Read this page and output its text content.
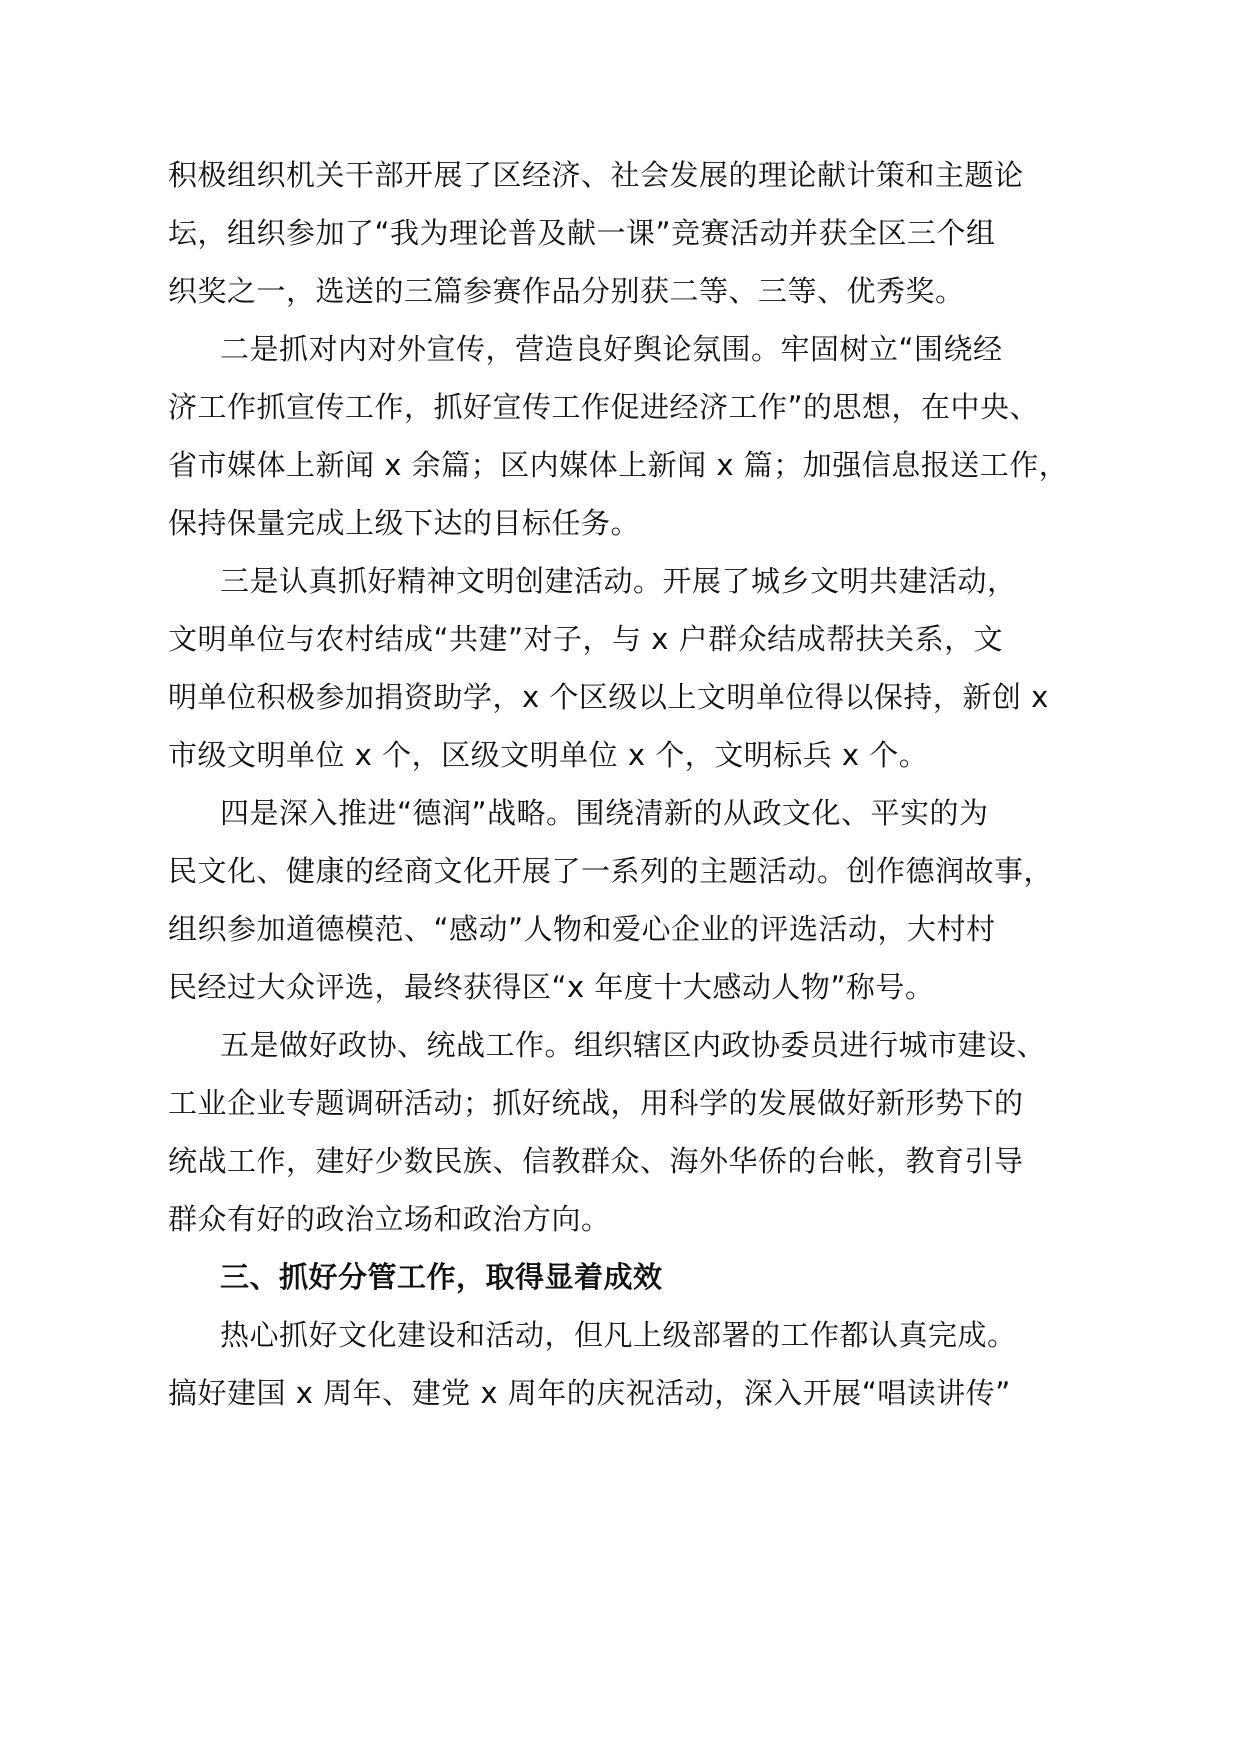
积极组织机关干部开展了区经济、社会发展的理论献计策和主题论

坛，组织参加了“我为理论普及献一课”竞赛活动并获全区三个组

织奖之一，选送的三篇参赛作品分别获二等、三等、优秀奖。

二是抓对内对外宣传，营造良好舆论氛围。牢固树立“围绕经

济工作抓宣传工作，抓好宣传工作促进经济工作”的思想，在中央、

省市媒体上新闻 x 余篇；区内媒体上新闻 x 篇；加强信息报送工作，

保持保量完成上级下达的目标任务。

三是认真抓好精神文明创建活动。开展了城乡文明共建活动，

文明单位与农村结成“共建”对子，与 x 户群众结成帮扶关系，文

明单位积极参加捐资助学，x 个区级以上文明单位得以保持，新创 x

市级文明单位 x 个，区级文明单位 x 个，文明标兵 x 个。

四是深入推进“德润”战略。围绕清新的从政文化、平实的为

民文化、健康的经商文化开展了一系列的主题活动。创作德润故事，

组织参加道德模范、“感动”人物和爱心企业的评选活动，大村村

民经过大众评选，最终获得区“x 年度十大感动人物”称号。

五是做好政协、统战工作。组织辖区内政协委员进行城市建设、

工业企业专题调研活动；抓好统战，用科学的发展做好新形势下的

统战工作，建好少数民族、信教群众、海外华侨的台帐，教育引导

群众有好的政治立场和政治方向。

三、抓好分管工作，取得显着成效

热心抓好文化建设和活动，但凡上级部署的工作都认真完成。

搞好建国 x 周年、建党 x 周年的庆祝活动，深入开展“唱读讲传”
